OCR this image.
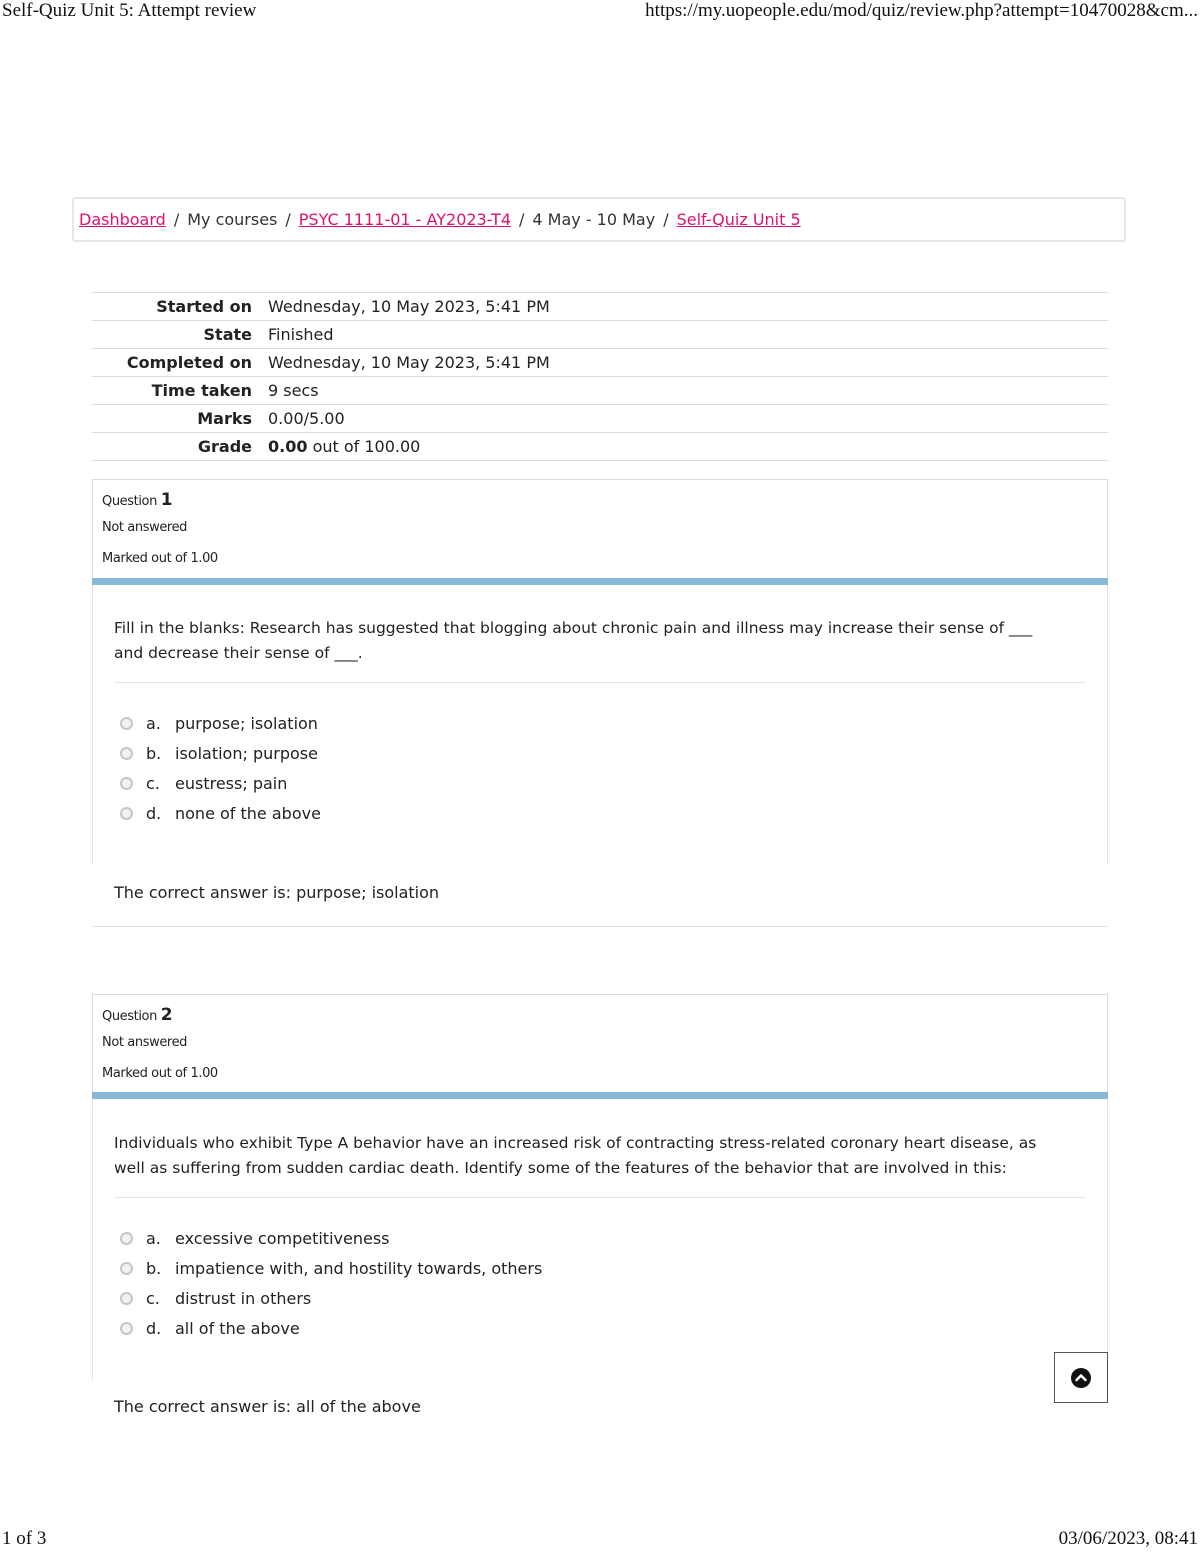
Self-Quiz Unit 5: Attempt review	https://my.uopeople.edu/mod/quiz/review.php?attempt=10470028&cm...
Dashboard / My courses / PSYC 1111-01 - AY2023-T4 / 4 May - 10 May / Self-Quiz Unit 5
Started on	Wednesday, 10 May 2023, 5:41 PM
State	Finished
Completed on	Wednesday, 10 May 2023, 5:41 PM
Time taken	9 secs
Marks	0.00/5.00
Grade	0.00 out of 100.00
Question 1
Not answered
Marked out of 1.00
Fill in the blanks: Research has suggested that blogging about chronic pain and illness may increase their sense of ___ and decrease their sense of ___.
a. purpose; isolation
b. isolation; purpose
c. eustress; pain
d. none of the above
The correct answer is: purpose; isolation
Question 2
Not answered
Marked out of 1.00
Individuals who exhibit Type A behavior have an increased risk of contracting stress-related coronary heart disease, as well as suffering from sudden cardiac death. Identify some of the features of the behavior that are involved in this:
a. excessive competitiveness
b. impatience with, and hostility towards, others
c. distrust in others
d. all of the above
The correct answer is: all of the above
1 of 3	03/06/2023, 08:41
